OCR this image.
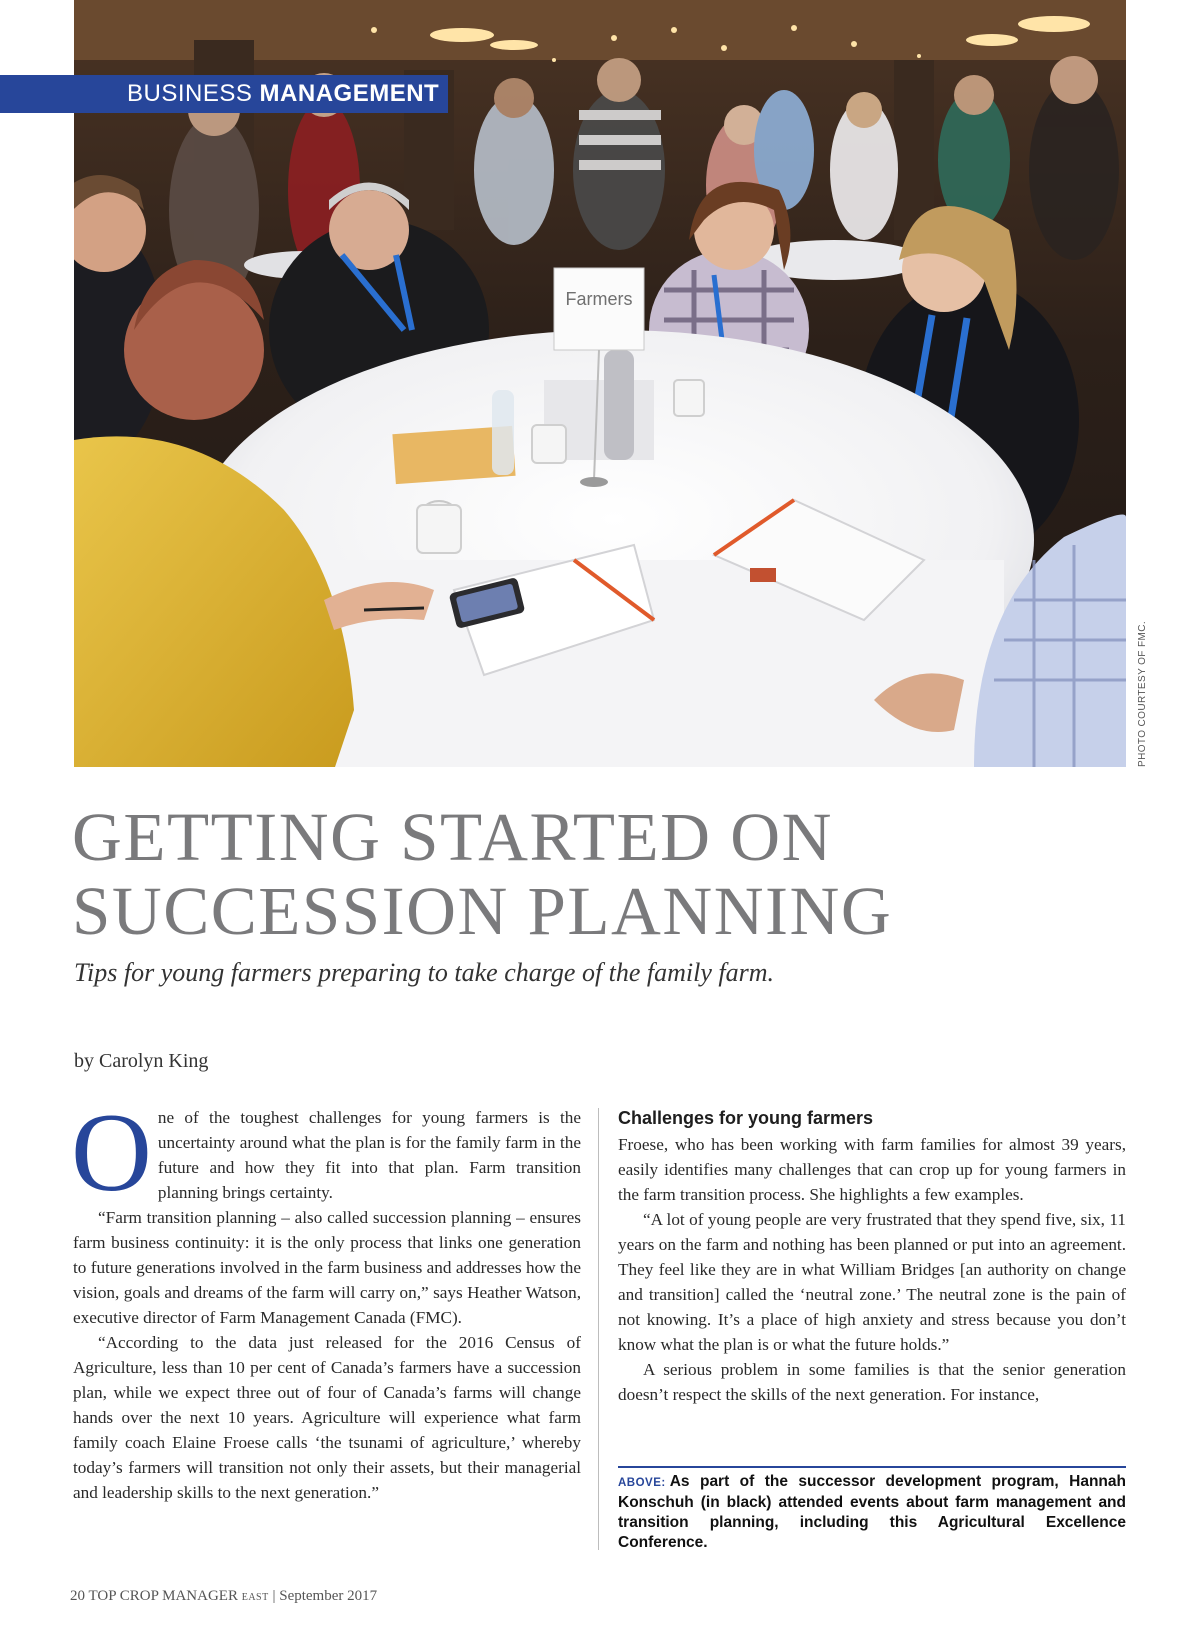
Farmers
BUSINESS MANAGEMENT
PHOTO COURTESY OF FMC.
GETTING STARTED ON
SUCCESSION PLANNING

Tips for young farmers preparing to take charge of the family farm.

by Carolyn King

O ne of the toughest challenges for young farmers is the uncertainty around what the plan is for the family farm in the future and how they fit into that plan. Farm transition planning brings certainty.

“Farm transition planning – also called succession planning – ensures farm business continuity: it is the only process that links one generation to future generations involved in the farm business and addresses how the vision, goals and dreams of the farm will carry on,” says Heather Watson, executive director of Farm Management Canada (FMC).

“According to the data just released for the 2016 Census of Agriculture, less than 10 per cent of Canada’s farmers have a succession plan, while we expect three out of four of Canada’s farms will change hands over the next 10 years. Agriculture will experience what farm family coach Elaine Froese calls ‘the tsunami of agriculture,’ whereby today’s farmers will transition not only their assets, but their managerial and leadership skills to the next generation.”

Challenges for young farmers

Froese, who has been working with farm families for almost 39 years, easily identifies many challenges that can crop up for young farmers in the farm transition process. She highlights a few examples.

“A lot of young people are very frustrated that they spend five, six, 11 years on the farm and nothing has been planned or put into an agreement. They feel like they are in what William Bridges [an authority on change and transition] called the ‘neutral zone.’ The neutral zone is the pain of not knowing. It’s a place of high anxiety and stress because you don’t know what the plan is or what the future holds.”

A serious problem in some families is that the senior generation doesn’t respect the skills of the next generation. For instance,

ABOVE: As part of the successor development program, Hannah Konschuh (in black) attended events about farm management and transition planning, including this Agricultural Excellence Conference.

20 TOP CROP MANAGER EAST | September 2017
